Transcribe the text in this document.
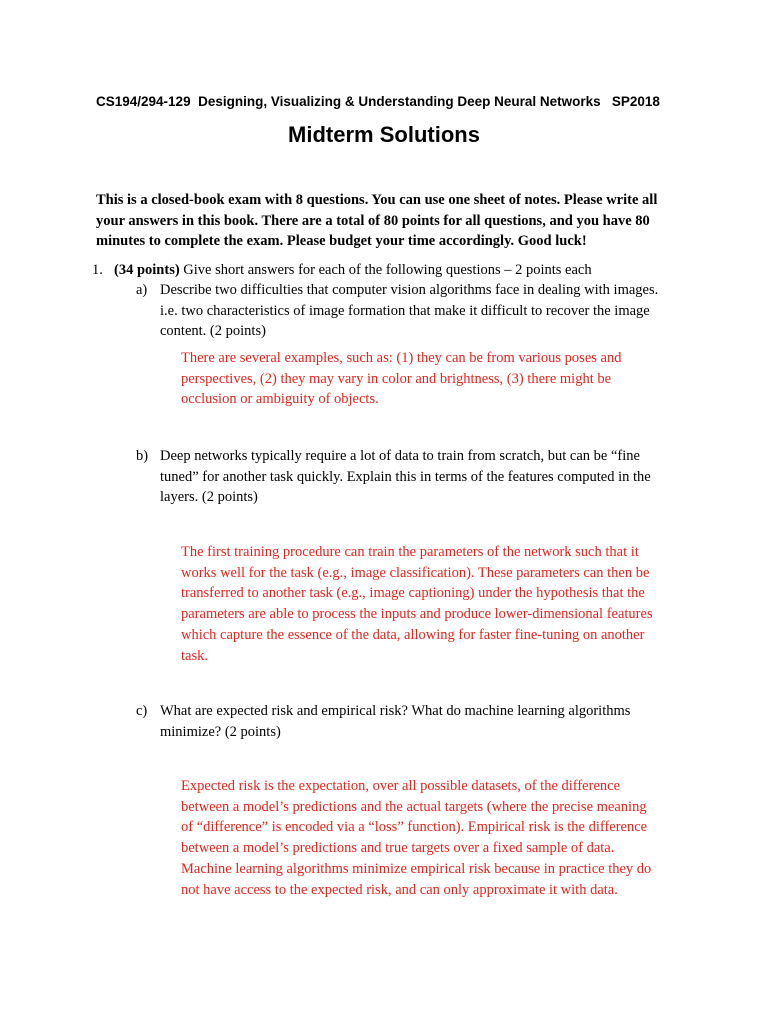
CS194/294-129  Designing, Visualizing & Understanding Deep Neural Networks   SP2018
Midterm Solutions
This is a closed-book exam with 8 questions. You can use one sheet of notes. Please write all
your answers in this book. There are a total of 80 points for all questions, and you have 80
minutes to complete the exam. Please budget your time accordingly. Good luck!
1. (34 points) Give short answers for each of the following questions – 2 points each
a) Describe two difficulties that computer vision algorithms face in dealing with images.
i.e. two characteristics of image formation that make it difficult to recover the image
content. (2 points)
There are several examples, such as: (1) they can be from various poses and
perspectives, (2) they may vary in color and brightness, (3) there might be
occlusion or ambiguity of objects.
b) Deep networks typically require a lot of data to train from scratch, but can be “fine
tuned” for another task quickly. Explain this in terms of the features computed in the
layers. (2 points)
The first training procedure can train the parameters of the network such that it
works well for the task (e.g., image classification). These parameters can then be
transferred to another task (e.g., image captioning) under the hypothesis that the
parameters are able to process the inputs and produce lower-dimensional features
which capture the essence of the data, allowing for faster fine-tuning on another
task.
c) What are expected risk and empirical risk? What do machine learning algorithms
minimize? (2 points)
Expected risk is the expectation, over all possible datasets, of the difference
between a model’s predictions and the actual targets (where the precise meaning
of “difference” is encoded via a “loss” function). Empirical risk is the difference
between a model’s predictions and true targets over a fixed sample of data.
Machine learning algorithms minimize empirical risk because in practice they do
not have access to the expected risk, and can only approximate it with data.
